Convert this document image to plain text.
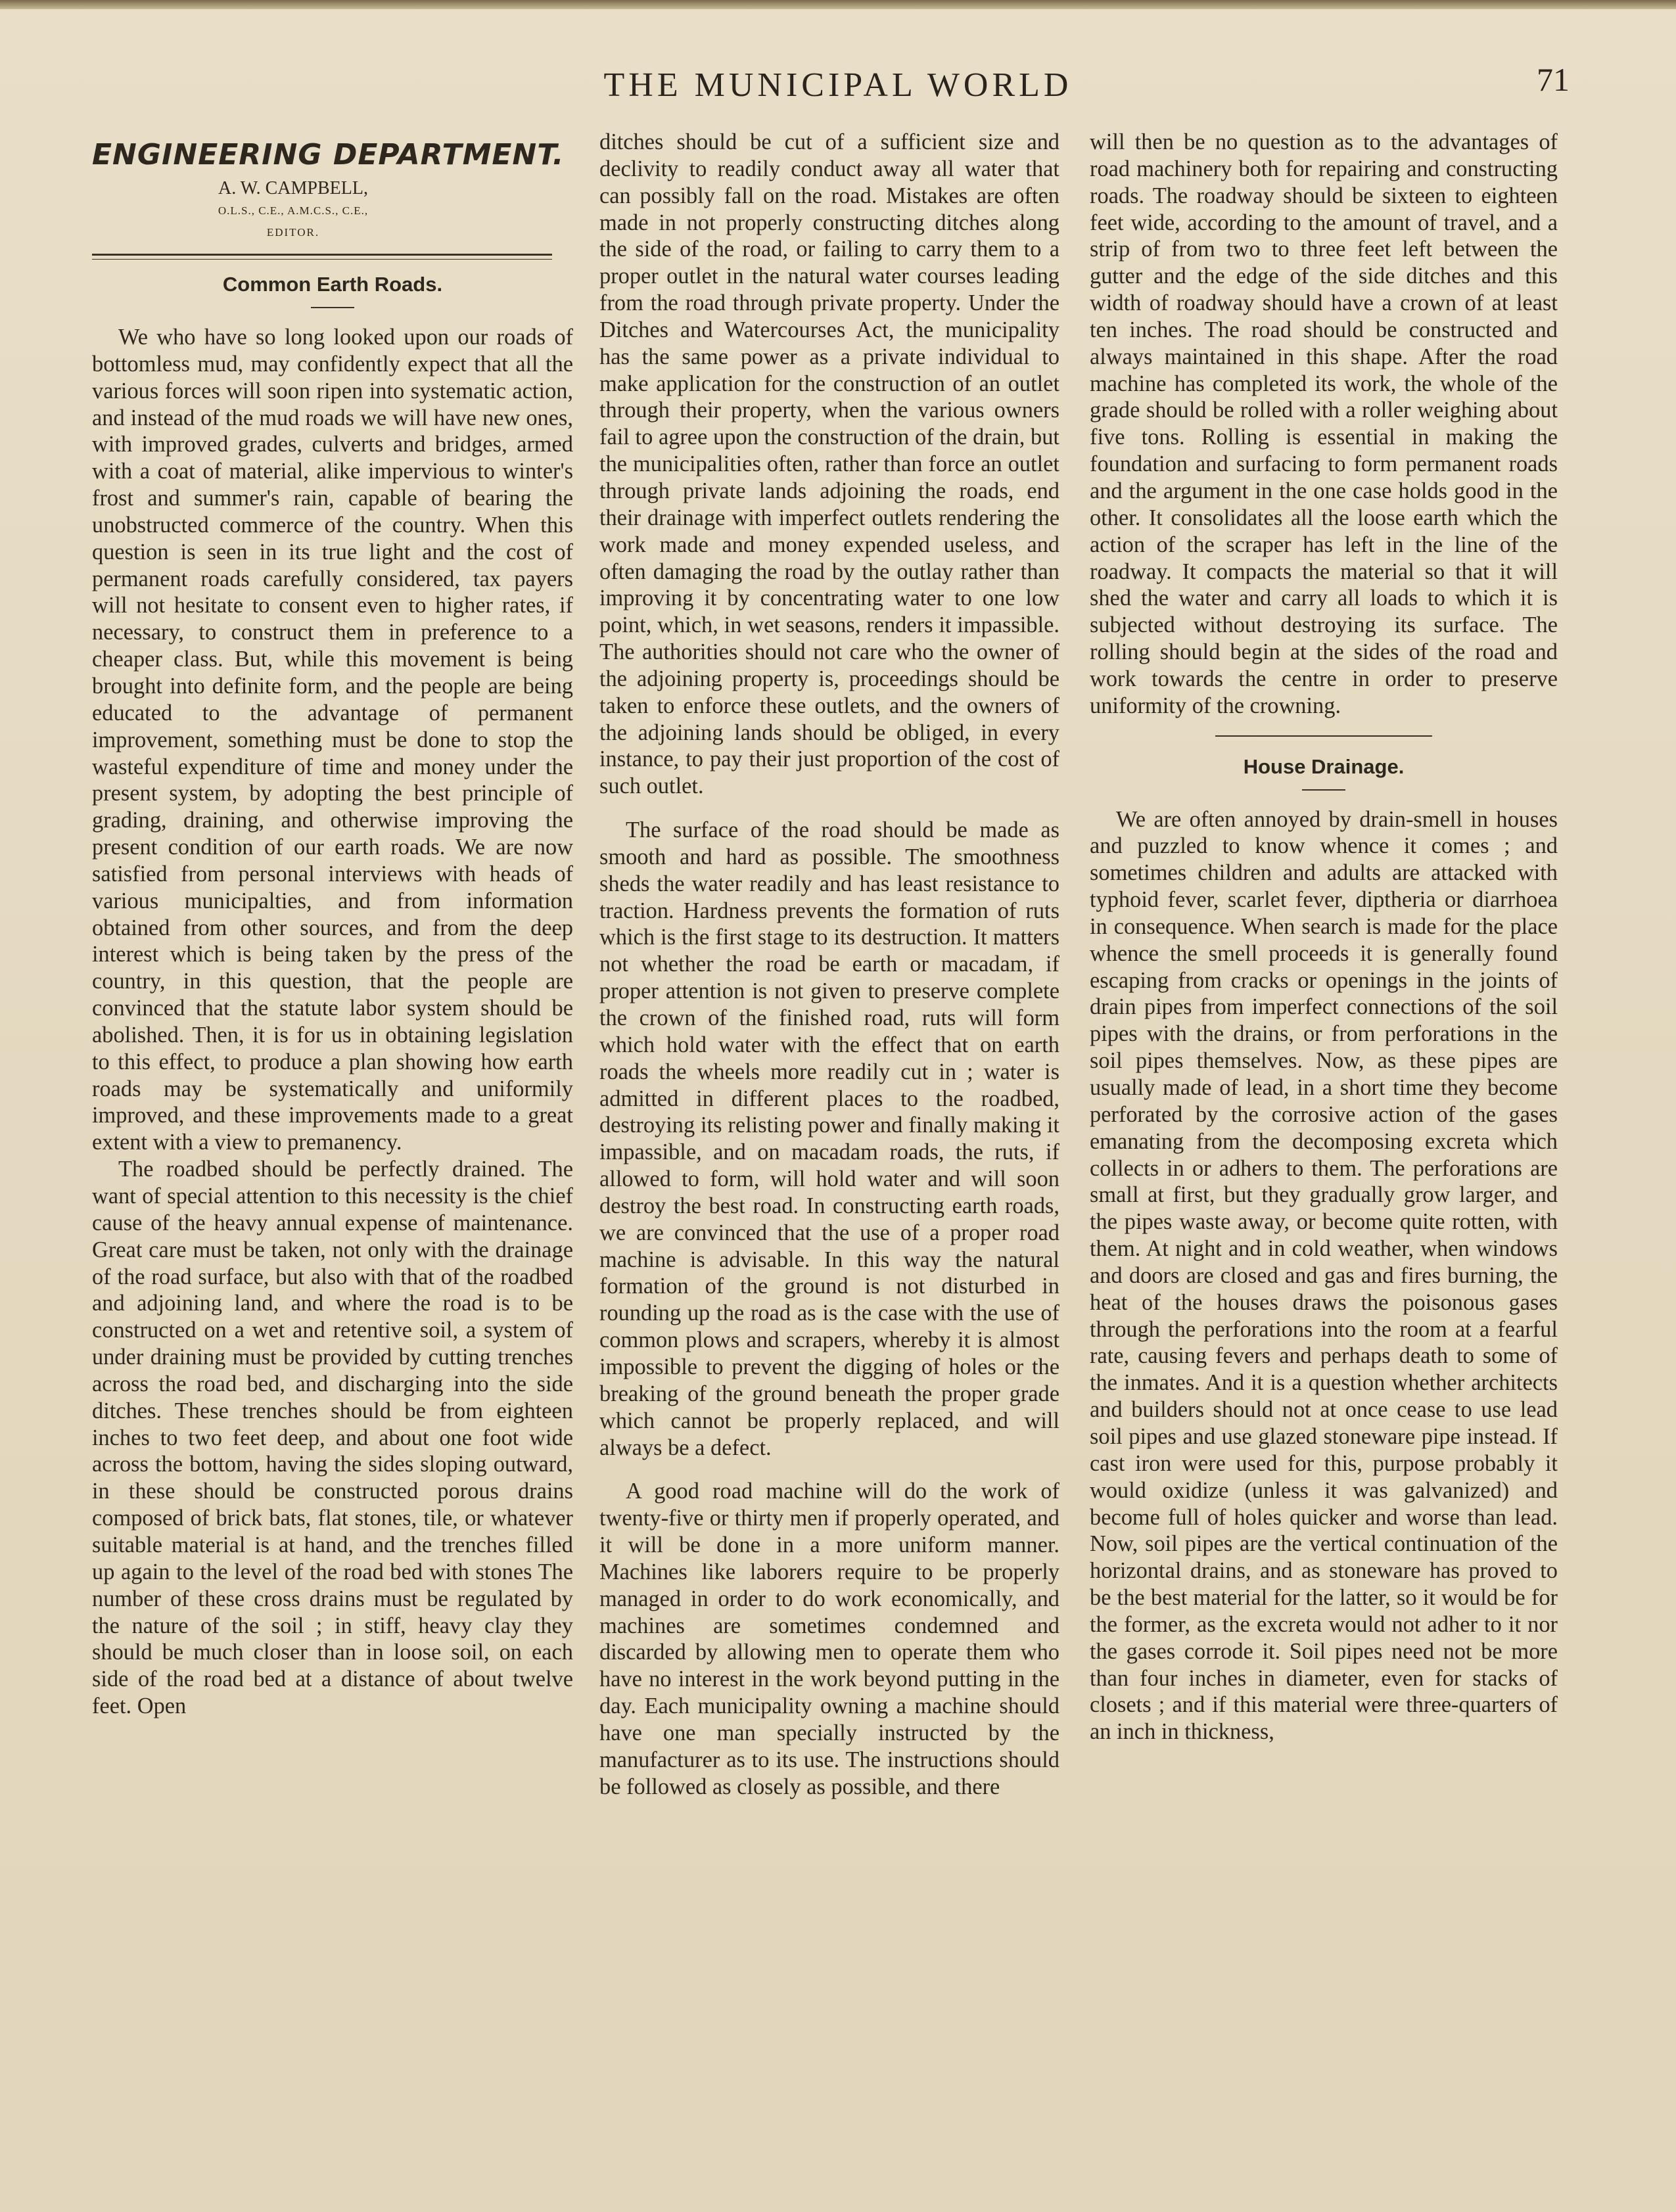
THE MUNICIPAL WORLD	71
ENGINEERING DEPARTMENT.
A. W. CAMPBELL,
O.L.S., C.E., A.M.C.S., C.E.,
EDITOR.
Common Earth Roads.

We who have so long looked upon our roads of bottomless mud, may confidently expect that all the various forces will soon ripen into systematic action, and instead of the mud roads we will have new ones, with improved grades, culverts and bridges, armed with a coat of material, alike impervious to winter's frost and summer's rain, capable of bearing the unobstructed commerce of the country. When this question is seen in its true light and the cost of permanent roads carefully considered, tax payers will not hesitate to consent even to higher rates, if necessary, to construct them in preference to a cheaper class. But, while this movement is being brought into definite form, and the people are being educated to the advantage of permanent improvement, something must be done to stop the wasteful expenditure of time and money under the present system, by adopting the best principle of grading, draining, and otherwise improving the present condition of our earth roads. We are now satisfied from personal interviews with heads of various municipalties, and from information obtained from other sources, and from the deep interest which is being taken by the press of the country, in this question, that the people are convinced that the statute labor system should be abolished. Then, it is for us in obtaining legislation to this effect, to produce a plan showing how earth roads may be systematically and uniformily improved, and these improvements made to a great extent with a view to premanency.

The roadbed should be perfectly drained. The want of special attention to this necessity is the chief cause of the heavy annual expense of maintenance. Great care must be taken, not only with the drainage of the road surface, but also with that of the roadbed and adjoining land, and where the road is to be constructed on a wet and retentive soil, a system of under draining must be provided by cutting trenches across the road bed, and discharging into the side ditches. These trenches should be from eighteen inches to two feet deep, and about one foot wide across the bottom, having the sides sloping outward, in these should be constructed porous drains composed of brick bats, flat stones, tile, or whatever suitable material is at hand, and the trenches filled up again to the level of the road bed with stones The number of these cross drains must be regulated by the nature of the soil ; in stiff, heavy clay they should be much closer than in loose soil, on each side of the road bed at a distance of about twelve feet. Open

ditches should be cut of a sufficient size and declivity to readily conduct away all water that can possibly fall on the road. Mistakes are often made in not properly constructing ditches along the side of the road, or failing to carry them to a proper outlet in the natural water courses leading from the road through private property. Under the Ditches and Watercourses Act, the municipality has the same power as a private individual to make application for the construction of an outlet through their property, when the various owners fail to agree upon the construction of the drain, but the municipalities often, rather than force an outlet through private lands adjoining the roads, end their drainage with imperfect outlets rendering the work made and money expended useless, and often damaging the road by the outlay rather than improving it by concentrating water to one low point, which, in wet seasons, renders it impassible. The authorities should not care who the owner of the adjoining property is, proceedings should be taken to enforce these outlets, and the owners of the adjoining lands should be obliged, in every instance, to pay their just proportion of the cost of such outlet.

The surface of the road should be made as smooth and hard as possible. The smoothness sheds the water readily and has least resistance to traction. Hardness prevents the formation of ruts which is the first stage to its destruction. It matters not whether the road be earth or macadam, if proper attention is not given to preserve complete the crown of the finished road, ruts will form which hold water with the effect that on earth roads the wheels more readily cut in ; water is admitted in different places to the roadbed, destroying its relisting power and finally making it impassible, and on macadam roads, the ruts, if allowed to form, will hold water and will soon destroy the best road. In constructing earth roads, we are convinced that the use of a proper road machine is advisable. In this way the natural formation of the ground is not disturbed in rounding up the road as is the case with the use of common plows and scrapers, whereby it is almost impossible to prevent the digging of holes or the breaking of the ground beneath the proper grade which cannot be properly replaced, and will always be a defect.

A good road machine will do the work of twenty-five or thirty men if properly operated, and it will be done in a more uniform manner. Machines like laborers require to be properly managed in order to do work economically, and machines are sometimes condemned and discarded by allowing men to operate them who have no interest in the work beyond putting in the day. Each municipality owning a machine should have one man specially instructed by the manufacturer as to its use. The instructions should be followed as closely as possible, and there

will then be no question as to the advantages of road machinery both for repairing and constructing roads. The roadway should be sixteen to eighteen feet wide, according to the amount of travel, and a strip of from two to three feet left between the gutter and the edge of the side ditches and this width of roadway should have a crown of at least ten inches. The road should be constructed and always maintained in this shape. After the road machine has completed its work, the whole of the grade should be rolled with a roller weighing about five tons. Rolling is essential in making the foundation and surfacing to form permanent roads and the argument in the one case holds good in the other. It consolidates all the loose earth which the action of the scraper has left in the line of the roadway. It compacts the material so that it will shed the water and carry all loads to which it is subjected without destroying its surface. The rolling should begin at the sides of the road and work towards the centre in order to preserve uniformity of the crowning.

House Drainage.

We are often annoyed by drain-smell in houses and puzzled to know whence it comes ; and sometimes children and adults are attacked with typhoid fever, scarlet fever, diptheria or diarrhoea in consequence. When search is made for the place whence the smell proceeds it is generally found escaping from cracks or openings in the joints of drain pipes from imperfect connections of the soil pipes with the drains, or from perforations in the soil pipes themselves. Now, as these pipes are usually made of lead, in a short time they become perforated by the corrosive action of the gases emanating from the decomposing excreta which collects in or adhers to them. The perforations are small at first, but they gradually grow larger, and the pipes waste away, or become quite rotten, with them. At night and in cold weather, when windows and doors are closed and gas and fires burning, the heat of the houses draws the poisonous gases through the perforations into the room at a fearful rate, causing fevers and perhaps death to some of the inmates. And it is a question whether architects and builders should not at once cease to use lead soil pipes and use glazed stoneware pipe instead. If cast iron were used for this, purpose probably it would oxidize (unless it was galvanized) and become full of holes quicker and worse than lead. Now, soil pipes are the vertical continuation of the horizontal drains, and as stoneware has proved to be the best material for the latter, so it would be for the former, as the excreta would not adher to it nor the gases corrode it. Soil pipes need not be more than four inches in diameter, even for stacks of closets ; and if this material were three-quarters of an inch in thickness,
